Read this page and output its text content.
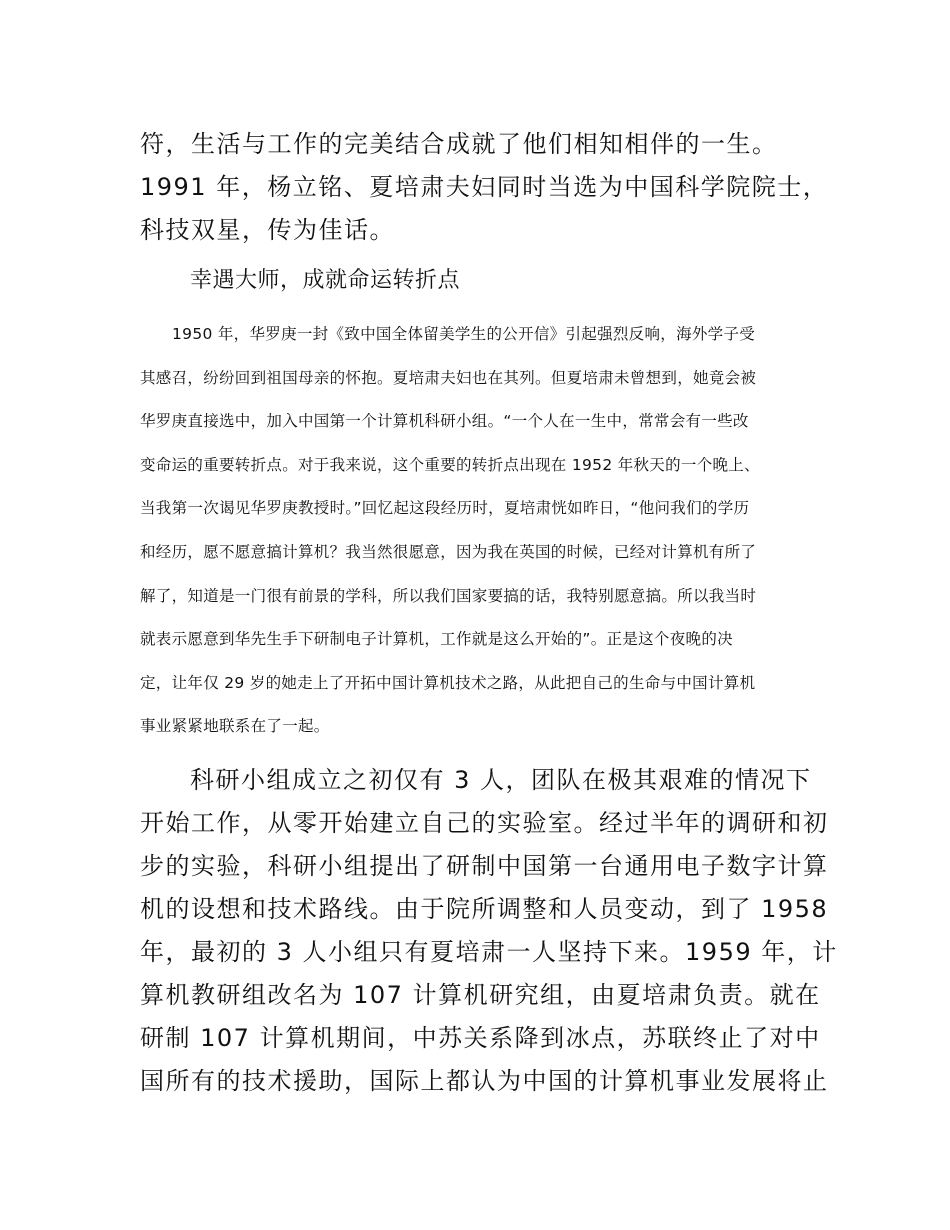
符，生活与工作的完美结合成就了他们相知相伴的一生。

1991 年，杨立铭、夏培肃夫妇同时当选为中国科学院院士，

科技双星，传为佳话。

幸遇大师，成就命运转折点

1950 年，华罗庚一封《致中国全体留美学生的公开信》引起强烈反响，海外学子受

其感召，纷纷回到祖国母亲的怀抱。夏培肃夫妇也在其列。但夏培肃未曾想到，她竟会被

华罗庚直接选中，加入中国第一个计算机科研小组。“一个人在一生中，常常会有一些改

变命运的重要转折点。对于我来说，这个重要的转折点出现在 1952 年秋天的一个晚上、

当我第一次谒见华罗庚教授时。”回忆起这段经历时，夏培肃恍如昨日，“他问我们的学历

和经历，愿不愿意搞计算机？我当然很愿意，因为我在英国的时候，已经对计算机有所了

解了，知道是一门很有前景的学科，所以我们国家要搞的话，我特别愿意搞。所以我当时

就表示愿意到华先生手下研制电子计算机，工作就是这么开始的”。正是这个夜晚的决

定，让年仅 29 岁的她走上了开拓中国计算机技术之路，从此把自己的生命与中国计算机

事业紧紧地联系在了一起。

科研小组成立之初仅有 3 人，团队在极其艰难的情况下

开始工作，从零开始建立自己的实验室。经过半年的调研和初

步的实验，科研小组提出了研制中国第一台通用电子数字计算

机的设想和技术路线。由于院所调整和人员变动，到了 1958

年，最初的 3 人小组只有夏培肃一人坚持下来。1959 年，计

算机教研组改名为 107 计算机研究组，由夏培肃负责。就在

研制 107 计算机期间，中苏关系降到冰点，苏联终止了对中

国所有的技术援助，国际上都认为中国的计算机事业发展将止
